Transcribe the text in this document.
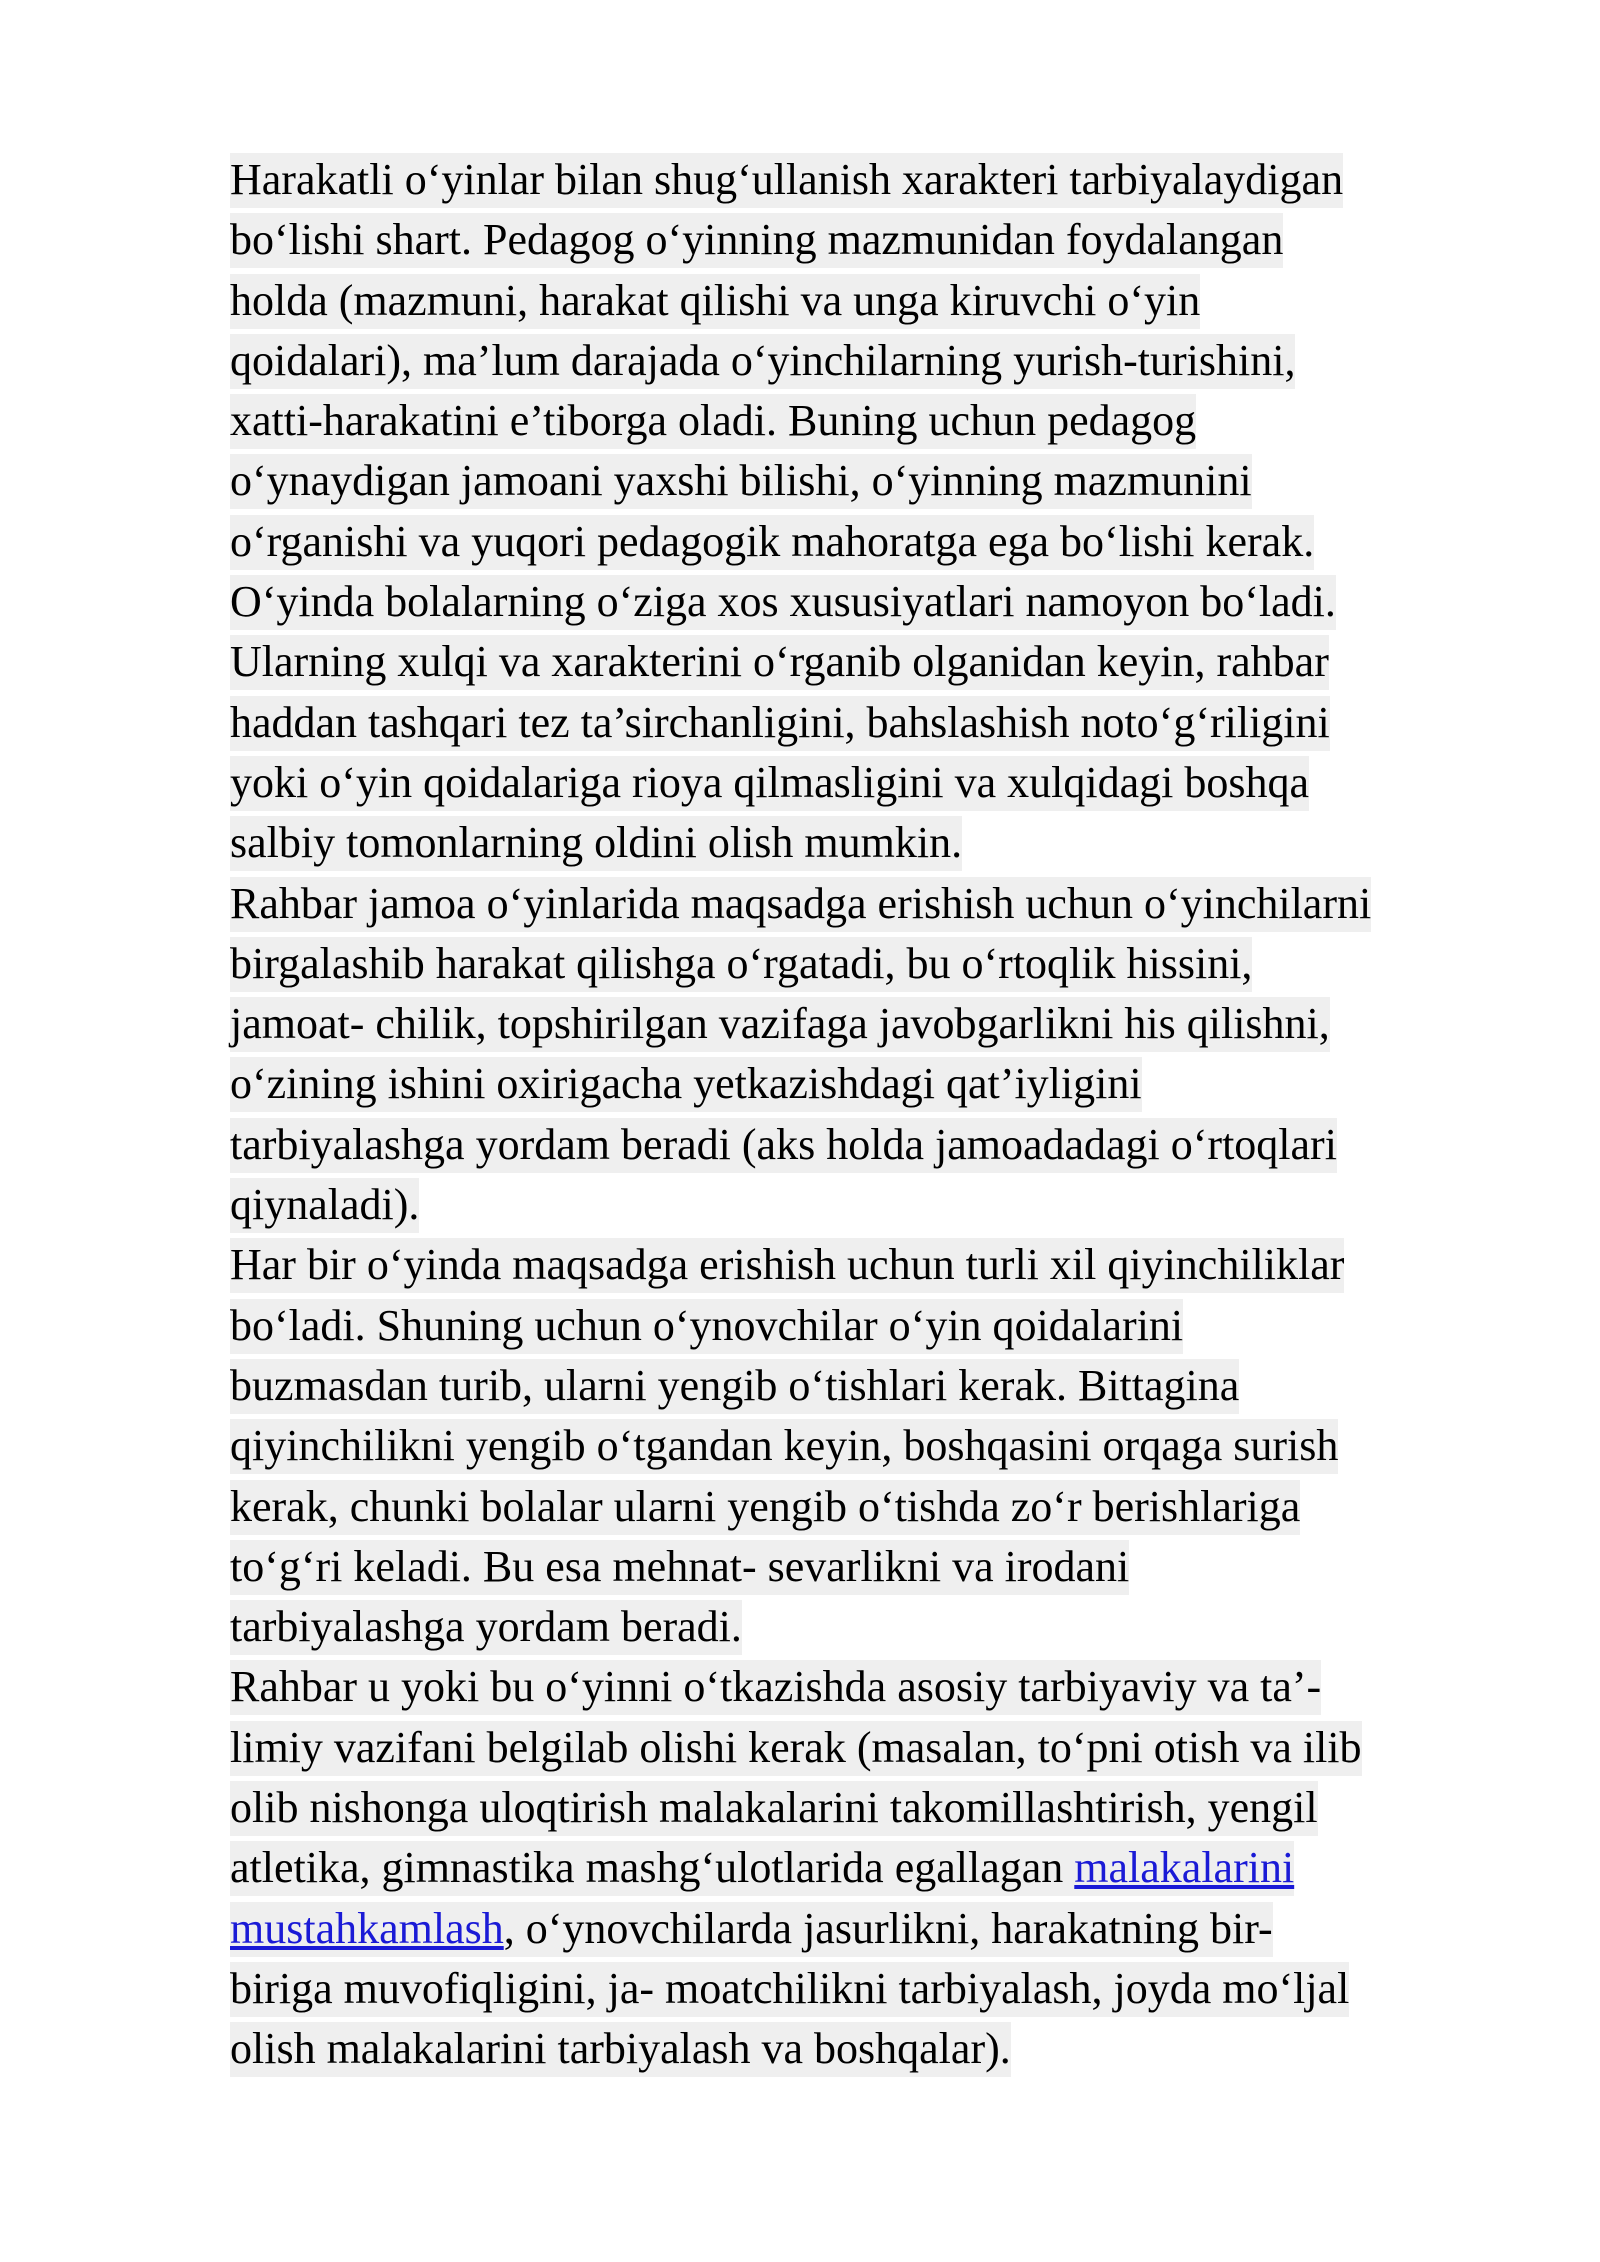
Harakatli o‘yinlar bilan shug‘ullanish xarakteri tarbiyalaydigan
bo‘lishi shart. Pedagog o‘yinning mazmunidan foydalangan
holda (mazmuni, harakat qilishi va unga kiruvchi o‘yin
qoidalari), ma’lum darajada o‘yinchilarning yurish-turishini,
xatti-harakatini e’tiborga oladi. Buning uchun pedagog
o‘ynaydigan jamoani yaxshi bilishi, o‘yinning mazmunini
o‘rganishi va yuqori pedagogik mahoratga ega bo‘lishi kerak.
O‘yinda bolalarning o‘ziga xos xususiyatlari namoyon bo‘ladi.
Ularning xulqi va xarakterini o‘rganib olganidan keyin, rahbar
haddan tashqari tez ta’sirchanligini, bahslashish noto‘g‘riligini
yoki o‘yin qoidalariga rioya qilmasligini va xulqidagi boshqa
salbiy tomonlarning oldini olish mumkin.
Rahbar jamoa o‘yinlarida maqsadga erishish uchun o‘yinchilarni
birgalashib harakat qilishga o‘rgatadi, bu o‘rtoqlik hissini,
jamoat- chilik, topshirilgan vazifaga javobgarlikni his qilishni,
o‘zining ishini oxirigacha yetkazishdagi qat’iyligini
tarbiyalashga yordam beradi (aks holda jamoadadagi o‘rtoqlari
qiynaladi).
Har bir o‘yinda maqsadga erishish uchun turli xil qiyinchiliklar
bo‘ladi. Shuning uchun o‘ynovchilar o‘yin qoidalarini
buzmasdan turib, ularni yengib o‘tishlari kerak. Bittagina
qiyinchilikni yengib o‘tgandan keyin, boshqasini orqaga surish
kerak, chunki bolalar ularni yengib o‘tishda zo‘r berishlariga
to‘g‘ri keladi. Bu esa mehnat- sevarlikni va irodani
tarbiyalashga yordam beradi.
Rahbar u yoki bu o‘yinni o‘tkazishda asosiy tarbiyaviy va ta’-
limiy vazifani belgilab olishi kerak (masalan, to‘pni otish va ilib
olib nishonga uloqtirish malakalarini takomillashtirish, yengil
atletika, gimnastika mashg‘ulotlarida egallagan malakalarini
mustahkamlash, o‘ynovchilarda jasurlikni, harakatning bir-
biriga muvofiqligini, ja- moatchilikni tarbiyalash, joyda mo‘ljal
olish malakalarini tarbiyalash va boshqalar).
